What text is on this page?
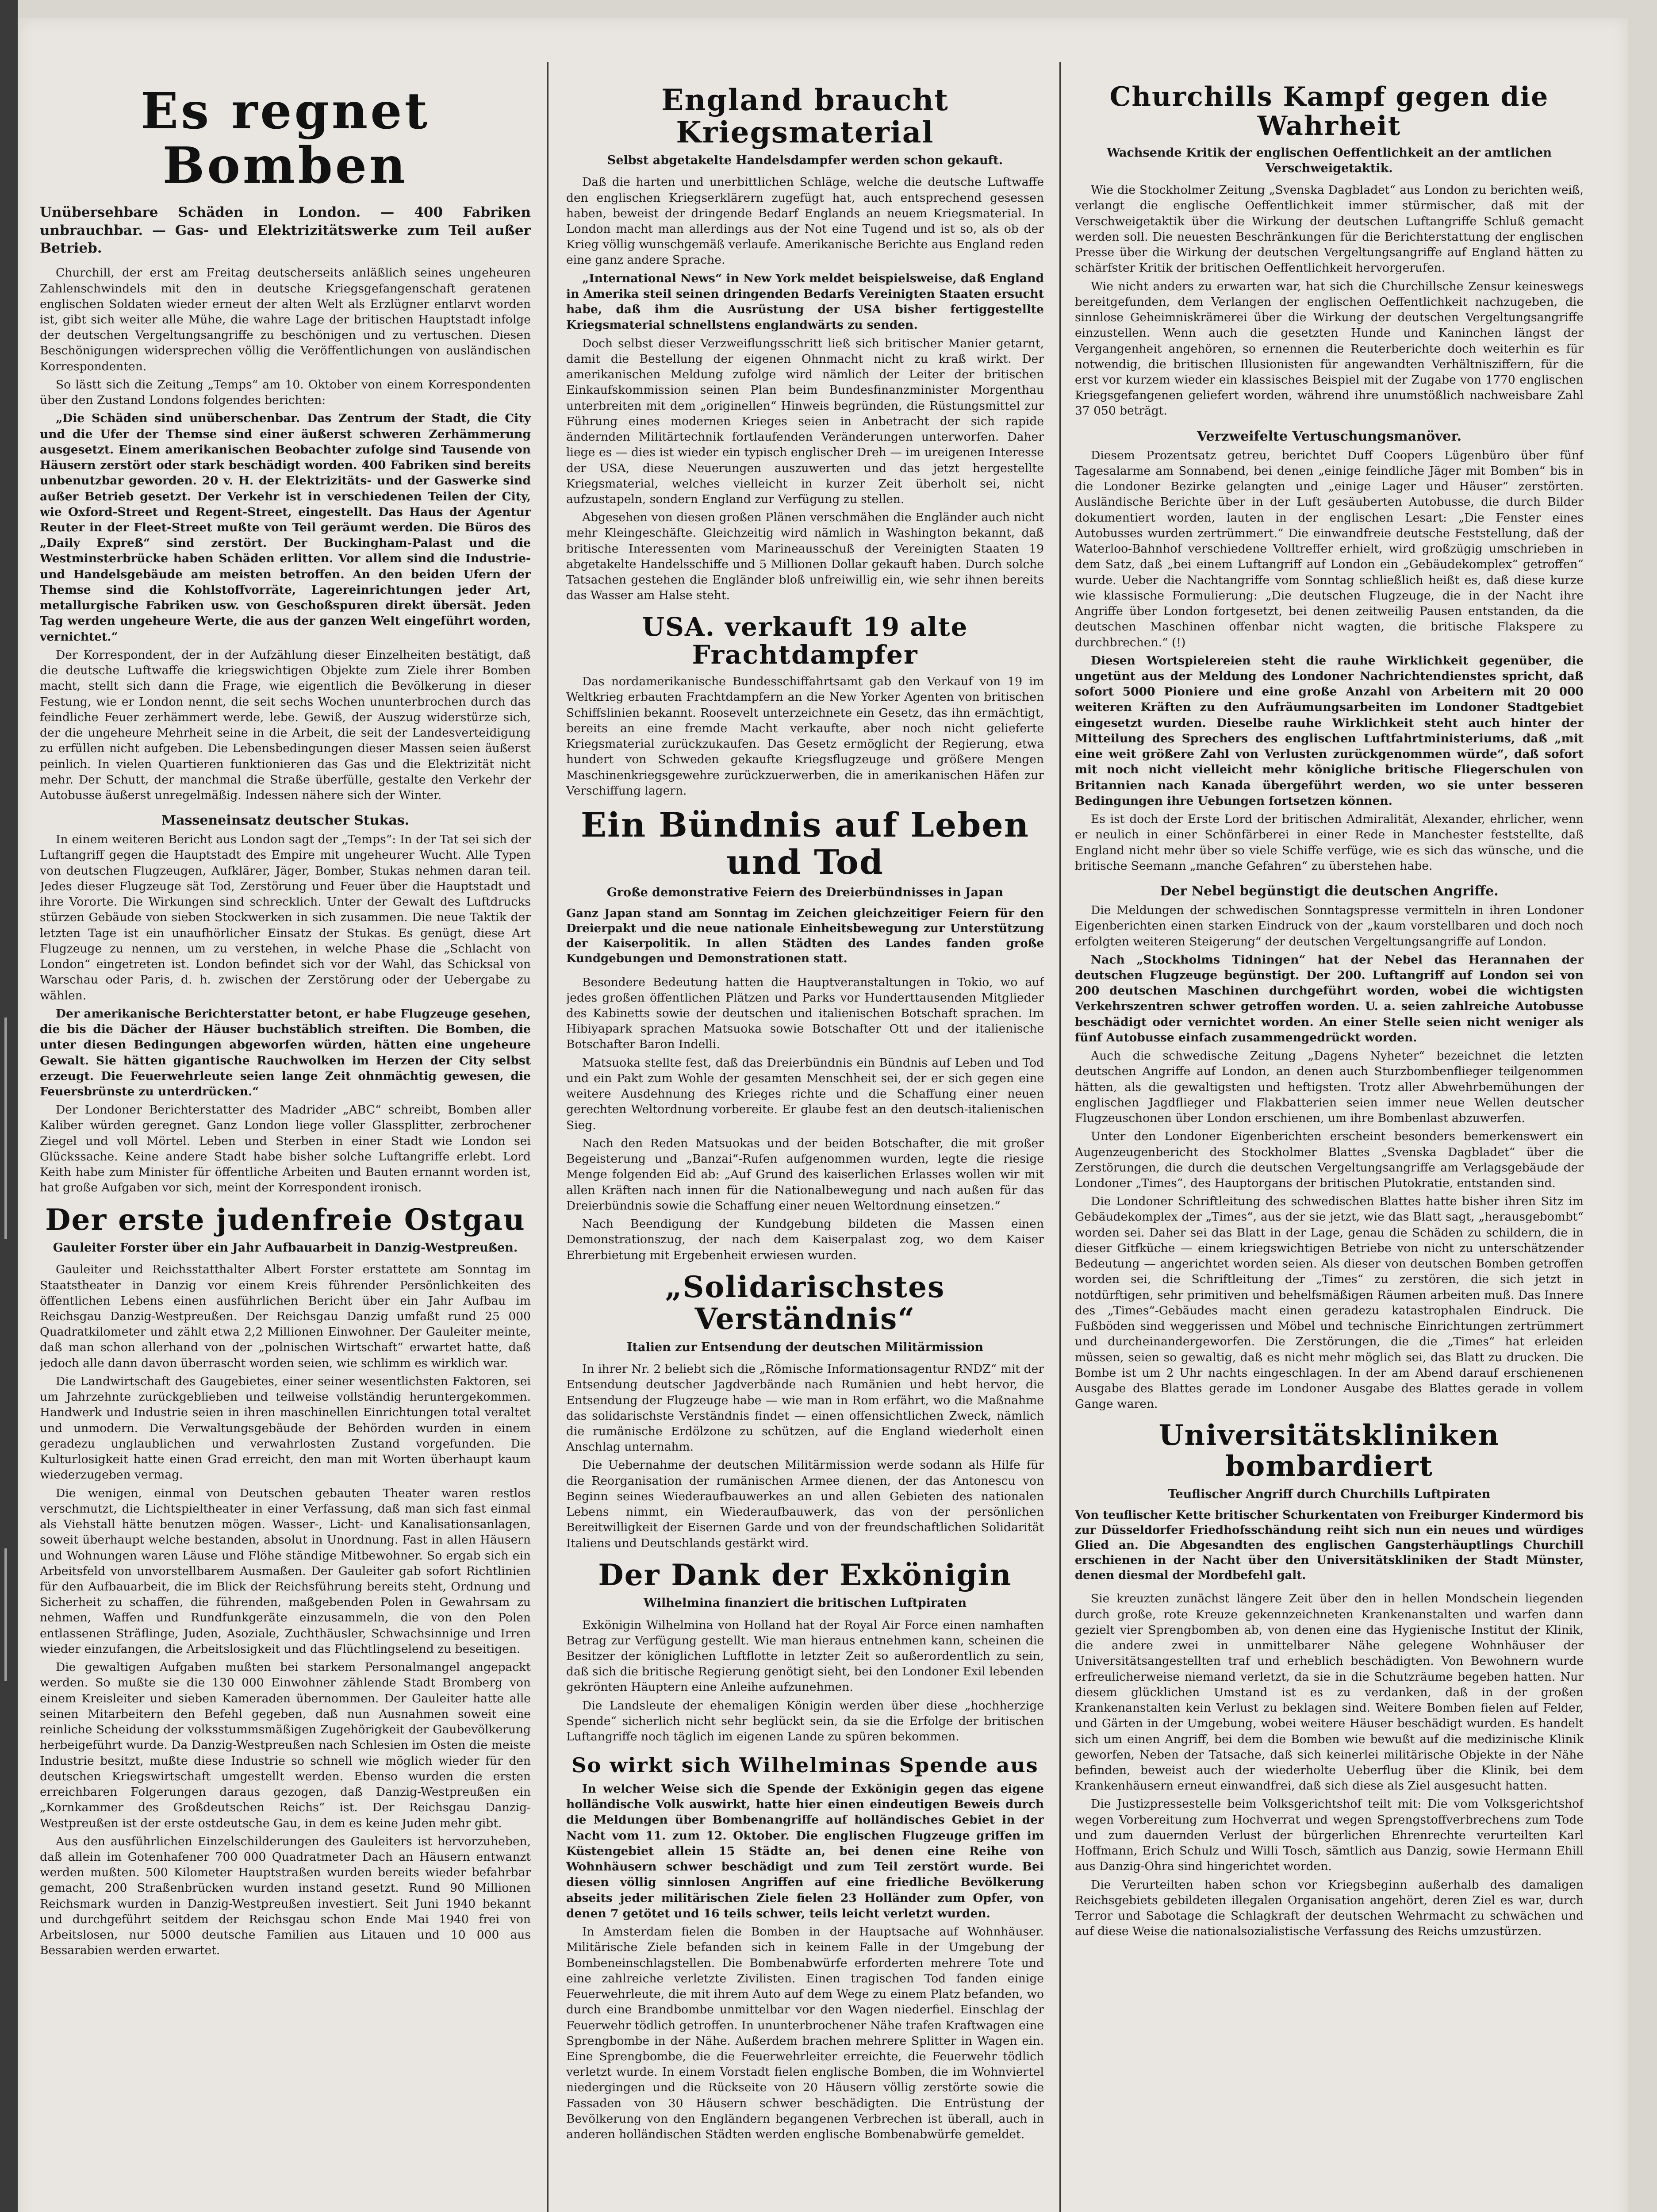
Es regnet Bomben
Unübersehbare Schäden in London. — 400 Fabriken unbrauchbar. — Gas- und Elektrizitätswerke zum Teil außer Betrieb.

Churchill, der erst am Freitag deutscherseits anläßlich seines ungeheuren Zahlenschwindels mit den in deutsche Kriegsgefangenschaft geratenen englischen Soldaten wieder erneut der alten Welt als Erzlügner entlarvt worden ist, gibt sich weiter alle Mühe, die wahre Lage der britischen Hauptstadt infolge der deutschen Vergeltungsangriffe zu beschönigen und zu vertuschen. Diesen Beschönigungen widersprechen völlig die Veröffentlichungen von ausländischen Korrespondenten.

So lästt sich die Zeitung „Temps“ am 10. Oktober von einem Korrespondenten über den Zustand Londons folgendes berichten:

„Die Schäden sind unüberschenbar. Das Zentrum der Stadt, die City und die Ufer der Themse sind einer äußerst schweren Zerhämmerung ausgesetzt. Einem amerikanischen Beobachter zufolge sind Tausende von Häusern zerstört oder stark beschädigt worden. 400 Fabriken sind bereits unbenutzbar geworden. 20 v. H. der Elektrizitäts- und der Gaswerke sind außer Betrieb gesetzt. Der Verkehr ist in verschiedenen Teilen der City, wie Oxford-Street und Regent-Street, eingestellt. Das Haus der Agentur Reuter in der Fleet-Street mußte von Teil geräumt werden. Die Büros des „Daily Expreß“ sind zerstört. Der Buckingham-Palast und die Westminsterbrücke haben Schäden erlitten. Vor allem sind die Industrie- und Handelsgebäude am meisten betroffen. An den beiden Ufern der Themse sind die Kohlstoffvorräte, Lagereinrichtungen jeder Art, metallurgische Fabriken usw. von Geschoßspuren direkt übersät. Jeden Tag werden ungeheure Werte, die aus der ganzen Welt eingeführt worden, vernichtet.“

Der Korrespondent, der in der Aufzählung dieser Einzelheiten bestätigt, daß die deutsche Luftwaffe die kriegswichtigen Objekte zum Ziele ihrer Bomben macht, stellt sich dann die Frage, wie eigentlich die Bevölkerung in dieser Festung, wie er London nennt, die seit sechs Wochen ununterbrochen durch das feindliche Feuer zerhämmert werde, lebe. Gewiß, der Auszug widerstürze sich, der die ungeheure Mehrheit seine in die Arbeit, die seit der Landesverteidigung zu erfüllen nicht aufgeben. Die Lebensbedingungen dieser Massen seien äußerst peinlich. In vielen Quartieren funktionieren das Gas und die Elektrizität nicht mehr. Der Schutt, der manchmal die Straße überfülle, gestalte den Verkehr der Autobusse äußerst unregelmäßig. Indessen nähere sich der Winter.

Masseneinsatz deutscher Stukas.

In einem weiteren Bericht aus London sagt der „Temps“: In der Tat sei sich der Luftangriff gegen die Hauptstadt des Empire mit ungeheurer Wucht. Alle Typen von deutschen Flugzeugen, Aufklärer, Jäger, Bomber, Stukas nehmen daran teil. Jedes dieser Flugzeuge sät Tod, Zerstörung und Feuer über die Hauptstadt und ihre Vororte. Die Wirkungen sind schrecklich. Unter der Gewalt des Luftdrucks stürzen Gebäude von sieben Stockwerken in sich zusammen. Die neue Taktik der letzten Tage ist ein unaufhörlicher Einsatz der Stukas. Es genügt, diese Art Flugzeuge zu nennen, um zu verstehen, in welche Phase die „Schlacht von London“ eingetreten ist. London befindet sich vor der Wahl, das Schicksal von Warschau oder Paris, d. h. zwischen der Zerstörung oder der Uebergabe zu wählen.

Der amerikanische Berichterstatter betont, er habe Flugzeuge gesehen, die bis die Dächer der Häuser buchstäblich streiften. Die Bomben, die unter diesen Bedingungen abgeworfen würden, hätten eine ungeheure Gewalt. Sie hätten gigantische Rauchwolken im Herzen der City selbst erzeugt. Die Feuerwehrleute seien lange Zeit ohnmächtig gewesen, die Feuersbrünste zu unterdrücken.“

Der Londoner Berichterstatter des Madrider „ABC“ schreibt, Bomben aller Kaliber würden geregnet. Ganz London liege voller Glassplitter, zerbrochener Ziegel und voll Mörtel. Leben und Sterben in einer Stadt wie London sei Glückssache. Keine andere Stadt habe bisher solche Luftangriffe erlebt. Lord Keith habe zum Minister für öffentliche Arbeiten und Bauten ernannt worden ist, hat große Aufgaben vor sich, meint der Korrespondent ironisch.

Der erste judenfreie Ostgau
Gauleiter Forster über ein Jahr Aufbauarbeit in Danzig-Westpreußen.

Gauleiter und Reichsstatthalter Albert Forster erstattete am Sonntag im Staatstheater in Danzig vor einem Kreis führender Persönlichkeiten des öffentlichen Lebens einen ausführlichen Bericht über ein Jahr Aufbau im Reichsgau Danzig-Westpreußen. Der Reichsgau Danzig umfaßt rund 25 000 Quadratkilometer und zählt etwa 2,2 Millionen Einwohner. Der Gauleiter meinte, daß man schon allerhand von der „polnischen Wirtschaft“ erwartet hatte, daß jedoch alle dann davon überrascht worden seien, wie schlimm es wirklich war.

Die Landwirtschaft des Gaugebietes, einer seiner wesentlichsten Faktoren, sei um Jahrzehnte zurückgeblieben und teilweise vollständig heruntergekommen. Handwerk und Industrie seien in ihren maschinellen Einrichtungen total veraltet und unmodern. Die Verwaltungsgebäude der Behörden wurden in einem geradezu unglaublichen und verwahrlosten Zustand vorgefunden. Die Kulturlosigkeit hatte einen Grad erreicht, den man mit Worten überhaupt kaum wiederzugeben vermag.

Die wenigen, einmal von Deutschen gebauten Theater waren restlos verschmutzt, die Lichtspieltheater in einer Verfassung, daß man sich fast einmal als Viehstall hätte benutzen mögen. Wasser-, Licht- und Kanalisationsanlagen, soweit überhaupt welche bestanden, absolut in Unordnung. Fast in allen Häusern und Wohnungen waren Läuse und Flöhe ständige Mitbewohner. So ergab sich ein Arbeitsfeld von unvorstellbarem Ausmaßen. Der Gauleiter gab sofort Richtlinien für den Aufbauarbeit, die im Blick der Reichsführung bereits steht, Ordnung und Sicherheit zu schaffen, die führenden, maßgebenden Polen in Gewahrsam zu nehmen, Waffen und Rundfunkgeräte einzusammeln, die von den Polen entlassenen Sträflinge, Juden, Asoziale, Zuchthäusler, Schwachsinnige und Irren wieder einzufangen, die Arbeitslosigkeit und das Flüchtlingselend zu beseitigen.

Die gewaltigen Aufgaben mußten bei starkem Personalmangel angepackt werden. So mußte sie die 130 000 Einwohner zählende Stadt Bromberg von einem Kreisleiter und sieben Kameraden übernommen. Der Gauleiter hatte alle seinen Mitarbeitern den Befehl gegeben, daß nun Ausnahmen soweit eine reinliche Scheidung der volksstummsmäßigen Zugehörigkeit der Gaubevölkerung herbeigeführt wurde. Da Danzig-Westpreußen nach Schlesien im Osten die meiste Industrie besitzt, mußte diese Industrie so schnell wie möglich wieder für den deutschen Kriegswirtschaft umgestellt werden. Ebenso wurden die ersten erreichbaren Folgerungen daraus gezogen, daß Danzig-Westpreußen ein „Kornkammer des Großdeutschen Reichs“ ist. Der Reichsgau Danzig-Westpreußen ist der erste ostdeutsche Gau, in dem es keine Juden mehr gibt.

Aus den ausführlichen Einzelschilderungen des Gauleiters ist hervorzuheben, daß allein im Gotenhafener 700 000 Quadratmeter Dach an Häusern entwanzt werden mußten. 500 Kilometer Hauptstraßen wurden bereits wieder befahrbar gemacht, 200 Straßenbrücken wurden instand gesetzt. Rund 90 Millionen Reichsmark wurden in Danzig-Westpreußen investiert. Seit Juni 1940 bekannt und durchgeführt seitdem der Reichsgau schon Ende Mai 1940 frei von Arbeitslosen, nur 5000 deutsche Familien aus Litauen und 10 000 aus Bessarabien werden erwartet.

England braucht Kriegsmaterial
Selbst abgetakelte Handelsdampfer werden schon gekauft.

Daß die harten und unerbittlichen Schläge, welche die deutsche Luftwaffe den englischen Kriegserklärern zugefügt hat, auch entsprechend gesessen haben, beweist der dringende Bedarf Englands an neuem Kriegsmaterial. In London macht man allerdings aus der Not eine Tugend und ist so, als ob der Krieg völlig wunschgemäß verlaufe. Amerikanische Berichte aus England reden eine ganz andere Sprache.

„International News“ in New York meldet beispielsweise, daß England in Amerika steil seinen dringenden Bedarfs Vereinigten Staaten ersucht habe, daß ihm die Ausrüstung der USA bisher fertiggestellte Kriegsmaterial schnellstens englandwärts zu senden.

Doch selbst dieser Verzweiflungsschritt ließ sich britischer Manier getarnt, damit die Bestellung der eigenen Ohnmacht nicht zu kraß wirkt. Der amerikanischen Meldung zufolge wird nämlich der Leiter der britischen Einkaufskommission seinen Plan beim Bundesfinanzminister Morgenthau unterbreiten mit dem „originellen“ Hinweis begründen, die Rüstungsmittel zur Führung eines modernen Krieges seien in Anbetracht der sich rapide ändernden Militärtechnik fortlaufenden Veränderungen unterworfen. Daher liege es — dies ist wieder ein typisch englischer Dreh — im ureigenen Interesse der USA, diese Neuerungen auszuwerten und das jetzt hergestellte Kriegsmaterial, welches vielleicht in kurzer Zeit überholt sei, nicht aufzustapeln, sondern England zur Verfügung zu stellen.

Abgesehen von diesen großen Plänen verschmähen die Engländer auch nicht mehr Kleingeschäfte. Gleichzeitig wird nämlich in Washington bekannt, daß britische Interessenten vom Marineausschuß der Vereinigten Staaten 19 abgetakelte Handelsschiffe und 5 Millionen Dollar gekauft haben. Durch solche Tatsachen gestehen die Engländer bloß unfreiwillig ein, wie sehr ihnen bereits das Wasser am Halse steht.

USA. verkauft 19 alte Frachtdampfer

Das nordamerikanische Bundesschiffahrtsamt gab den Verkauf von 19 im Weltkrieg erbauten Frachtdampfern an die New Yorker Agenten von britischen Schiffslinien bekannt. Roosevelt unterzeichnete ein Gesetz, das ihn ermächtigt, bereits an eine fremde Macht verkaufte, aber noch nicht gelieferte Kriegsmaterial zurückzukaufen. Das Gesetz ermöglicht der Regierung, etwa hundert von Schweden gekaufte Kriegsflugzeuge und größere Mengen Maschinenkriegsgewehre zurückzuerwerben, die in amerikanischen Häfen zur Verschiffung lagern.

Ein Bündnis auf Leben und Tod
Große demonstrative Feiern des Dreierbündnisses in Japan
Ganz Japan stand am Sonntag im Zeichen gleichzeitiger Feiern für den Dreierpakt und die neue nationale Einheitsbewegung zur Unterstützung der Kaiserpolitik. In allen Städten des Landes fanden große Kundgebungen und Demonstrationen statt.

Besondere Bedeutung hatten die Hauptveranstaltungen in Tokio, wo auf jedes großen öffentlichen Plätzen und Parks vor Hunderttausenden Mitglieder des Kabinetts sowie der deutschen und italienischen Botschaft sprachen. Im Hibiyapark sprachen Matsuoka sowie Botschafter Ott und der italienische Botschafter Baron Indelli.

Matsuoka stellte fest, daß das Dreierbündnis ein Bündnis auf Leben und Tod und ein Pakt zum Wohle der gesamten Menschheit sei, der er sich gegen eine weitere Ausdehnung des Krieges richte und die Schaffung einer neuen gerechten Weltordnung vorbereite. Er glaube fest an den deutsch-italienischen Sieg.

Nach den Reden Matsuokas und der beiden Botschafter, die mit großer Begeisterung und „Banzai“-Rufen aufgenommen wurden, legte die riesige Menge folgenden Eid ab: „Auf Grund des kaiserlichen Erlasses wollen wir mit allen Kräften nach innen für die Nationalbewegung und nach außen für das Dreierbündnis sowie die Schaffung einer neuen Weltordnung einsetzen.“

Nach Beendigung der Kundgebung bildeten die Massen einen Demonstrationszug, der nach dem Kaiserpalast zog, wo dem Kaiser Ehrerbietung mit Ergebenheit erwiesen wurden.

„Solidarischstes Verständnis“
Italien zur Entsendung der deutschen Militärmission

In ihrer Nr. 2 beliebt sich die „Römische Informationsagentur RNDZ“ mit der Entsendung deutscher Jagdverbände nach Rumänien und hebt hervor, die Entsendung der Flugzeuge habe — wie man in Rom erfährt, wo die Maßnahme das solidarischste Verständnis findet — einen offensichtlichen Zweck, nämlich die rumänische Erdölzone zu schützen, auf die England wiederholt einen Anschlag unternahm.

Die Uebernahme der deutschen Militärmission werde sodann als Hilfe für die Reorganisation der rumänischen Armee dienen, der das Antonescu von Beginn seines Wiederaufbauwerkes an und allen Gebieten des nationalen Lebens nimmt, ein Wiederaufbauwerk, das von der persönlichen Bereitwilligkeit der Eisernen Garde und von der freundschaftlichen Solidarität Italiens und Deutschlands gestärkt wird.

Der Dank der Exkönigin
Wilhelmina finanziert die britischen Luftpiraten

Exkönigin Wilhelmina von Holland hat der Royal Air Force einen namhaften Betrag zur Verfügung gestellt. Wie man hieraus entnehmen kann, scheinen die Besitzer der königlichen Luftflotte in letzter Zeit so außerordentlich zu sein, daß sich die britische Regierung genötigt sieht, bei den Londoner Exil lebenden gekrönten Häuptern eine Anleihe aufzunehmen.

Die Landsleute der ehemaligen Königin werden über diese „hochherzige Spende“ sicherlich nicht sehr beglückt sein, da sie die Erfolge der britischen Luftangriffe noch täglich im eigenen Lande zu spüren bekommen.

So wirkt sich Wilhelminas Spende aus

In welcher Weise sich die Spende der Exkönigin gegen das eigene holländische Volk auswirkt, hatte hier einen eindeutigen Beweis durch die Meldungen über Bombenangriffe auf holländisches Gebiet in der Nacht vom 11. zum 12. Oktober. Die englischen Flugzeuge griffen im Küstengebiet allein 15 Städte an, bei denen eine Reihe von Wohnhäusern schwer beschädigt und zum Teil zerstört wurde. Bei diesen völlig sinnlosen Angriffen auf eine friedliche Bevölkerung abseits jeder militärischen Ziele fielen 23 Holländer zum Opfer, von denen 7 getötet und 16 teils schwer, teils leicht verletzt wurden.

In Amsterdam fielen die Bomben in der Hauptsache auf Wohnhäuser. Militärische Ziele befanden sich in keinem Falle in der Umgebung der Bombeneinschlagstellen. Die Bombenabwürfe erforderten mehrere Tote und eine zahlreiche verletzte Zivilisten. Einen tragischen Tod fanden einige Feuerwehrleute, die mit ihrem Auto auf dem Wege zu einem Platz befanden, wo durch eine Brandbombe unmittelbar vor den Wagen niederfiel. Einschlag der Feuerwehr tödlich getroffen. In ununterbrochener Nähe trafen Kraftwagen eine Sprengbombe in der Nähe. Außerdem brachen mehrere Splitter in Wagen ein. Eine Sprengbombe, die die Feuerwehrleiter erreichte, die Feuerwehr tödlich verletzt wurde. In einem Vorstadt fielen englische Bomben, die im Wohnviertel niedergingen und die Rückseite von 20 Häusern völlig zerstörte sowie die Fassaden von 30 Häusern schwer beschädigten. Die Entrüstung der Bevölkerung von den Engländern begangenen Verbrechen ist überall, auch in anderen holländischen Städten werden englische Bombenabwürfe gemeldet.

Churchills Kampf gegen die Wahrheit
Wachsende Kritik der englischen Oeffentlichkeit an der amtlichen Verschweigetaktik.

Wie die Stockholmer Zeitung „Svenska Dagbladet“ aus London zu berichten weiß, verlangt die englische Oeffentlichkeit immer stürmischer, daß mit der Verschweigetaktik über die Wirkung der deutschen Luftangriffe Schluß gemacht werden soll. Die neuesten Beschränkungen für die Berichterstattung der englischen Presse über die Wirkung der deutschen Vergeltungsangriffe auf England hätten zu schärfster Kritik der britischen Oeffentlichkeit hervorgerufen.

Wie nicht anders zu erwarten war, hat sich die Churchillsche Zensur keineswegs bereitgefunden, dem Verlangen der englischen Oeffentlichkeit nachzugeben, die sinnlose Geheimniskrämerei über die Wirkung der deutschen Vergeltungsangriffe einzustellen. Wenn auch die gesetzten Hunde und Kaninchen längst der Vergangenheit angehören, so ernennen die Reuterberichte doch weiterhin es für notwendig, die britischen Illusionisten für angewandten Verhältnisziffern, für die erst vor kurzem wieder ein klassisches Beispiel mit der Zugabe von 1770 englischen Kriegsgefangenen geliefert worden, während ihre unumstößlich nachweisbare Zahl 37 050 beträgt.

Verzweifelte Vertuschungsmanöver.

Diesem Prozentsatz getreu, berichtet Duff Coopers Lügenbüro über fünf Tagesalarme am Sonnabend, bei denen „einige feindliche Jäger mit Bomben“ bis in die Londoner Bezirke gelangten und „einige Lager und Häuser“ zerstörten. Ausländische Berichte über in der Luft gesäuberten Autobusse, die durch Bilder dokumentiert worden, lauten in der englischen Lesart: „Die Fenster eines Autobusses wurden zertrümmert.“ Die einwandfreie deutsche Feststellung, daß der Waterloo-Bahnhof verschiedene Volltreffer erhielt, wird großzügig umschrieben in dem Satz, daß „bei einem Luftangriff auf London ein „Gebäudekomplex“ getroffen“ wurde. Ueber die Nachtangriffe vom Sonntag schließlich heißt es, daß diese kurze wie klassische Formulierung: „Die deutschen Flugzeuge, die in der Nacht ihre Angriffe über London fortgesetzt, bei denen zeitweilig Pausen entstanden, da die deutschen Maschinen offenbar nicht wagten, die britische Flakspere zu durchbrechen.“ (!)

Diesen Wortspielereien steht die rauhe Wirklichkeit gegenüber, die ungetünt aus der Meldung des Londoner Nachrichtendienstes spricht, daß sofort 5000 Pioniere und eine große Anzahl von Arbeitern mit 20 000 weiteren Kräften zu den Aufräumungsarbeiten im Londoner Stadtgebiet eingesetzt wurden. Dieselbe rauhe Wirklichkeit steht auch hinter der Mitteilung des Sprechers des englischen Luftfahrtministeriums, daß „mit eine weit größere Zahl von Verlusten zurückgenommen würde“, daß sofort mit noch nicht vielleicht mehr königliche britische Fliegerschulen von Britannien nach Kanada übergeführt werden, wo sie unter besseren Bedingungen ihre Uebungen fortsetzen können.

Es ist doch der Erste Lord der britischen Admiralität, Alexander, ehrlicher, wenn er neulich in einer Schönfärberei in einer Rede in Manchester feststellte, daß England nicht mehr über so viele Schiffe verfüge, wie es sich das wünsche, und die britische Seemann „manche Gefahren“ zu überstehen habe.

Der Nebel begünstigt die deutschen Angriffe.

Die Meldungen der schwedischen Sonntagspresse vermitteln in ihren Londoner Eigenberichten einen starken Eindruck von der „kaum vorstellbaren und doch noch erfolgten weiteren Steigerung“ der deutschen Vergeltungsangriffe auf London.

Nach „Stockholms Tidningen“ hat der Nebel das Herannahen der deutschen Flugzeuge begünstigt. Der 200. Luftangriff auf London sei von 200 deutschen Maschinen durchgeführt worden, wobei die wichtigsten Verkehrszentren schwer getroffen worden. U. a. seien zahlreiche Autobusse beschädigt oder vernichtet worden. An einer Stelle seien nicht weniger als fünf Autobusse einfach zusammengedrückt worden.

Auch die schwedische Zeitung „Dagens Nyheter“ bezeichnet die letzten deutschen Angriffe auf London, an denen auch Sturzbombenflieger teilgenommen hätten, als die gewaltigsten und heftigsten. Trotz aller Abwehrbemühungen der englischen Jagdflieger und Flakbatterien seien immer neue Wellen deutscher Flugzeuschonen über London erschienen, um ihre Bombenlast abzuwerfen.

Unter den Londoner Eigenberichten erscheint besonders bemerkenswert ein Augenzeugenbericht des Stockholmer Blattes „Svenska Dagbladet“ über die Zerstörungen, die durch die deutschen Vergeltungsangriffe am Verlagsgebäude der Londoner „Times“, des Hauptorgans der britischen Plutokratie, entstanden sind.

Die Londoner Schriftleitung des schwedischen Blattes hatte bisher ihren Sitz im Gebäudekomplex der „Times“, aus der sie jetzt, wie das Blatt sagt, „herausgebombt“ worden sei. Daher sei das Blatt in der Lage, genau die Schäden zu schildern, die in dieser Gitfküche — einem kriegswichtigen Betriebe von nicht zu unterschätzender Bedeutung — angerichtet worden seien. Als dieser von deutschen Bomben getroffen worden sei, die Schriftleitung der „Times“ zu zerstören, die sich jetzt in notdürftigen, sehr primitiven und behelfsmäßigen Räumen arbeiten muß. Das Innere des „Times“-Gebäudes macht einen geradezu katastrophalen Eindruck. Die Fußböden sind weggerissen und Möbel und technische Einrichtungen zertrümmert und durcheinandergeworfen. Die Zerstörungen, die die „Times“ hat erleiden müssen, seien so gewaltig, daß es nicht mehr möglich sei, das Blatt zu drucken. Die Bombe ist um 2 Uhr nachts eingeschlagen. In der am Abend darauf erschienenen Ausgabe des Blattes gerade im Londoner Ausgabe des Blattes gerade in vollem Gange waren.

Universitätskliniken bombardiert
Teuflischer Angriff durch Churchills Luftpiraten
Von teuflischer Kette britischer Schurkentaten von Freiburger Kindermord bis zur Düsseldorfer Friedhofsschändung reiht sich nun ein neues und würdiges Glied an. Die Abgesandten des englischen Gangsterhäuptlings Churchill erschienen in der Nacht über den Universitätskliniken der Stadt Münster, denen diesmal der Mordbefehl galt.

Sie kreuzten zunächst längere Zeit über den in hellen Mondschein liegenden durch große, rote Kreuze gekennzeichneten Krankenanstalten und warfen dann gezielt vier Sprengbomben ab, von denen eine das Hygienische Institut der Klinik, die andere zwei in unmittelbarer Nähe gelegene Wohnhäuser der Universitätsangestellten traf und erheblich beschädigten. Von Bewohnern wurde erfreulicherweise niemand verletzt, da sie in die Schutzräume begeben hatten. Nur diesem glücklichen Umstand ist es zu verdanken, daß in der großen Krankenanstalten kein Verlust zu beklagen sind. Weitere Bomben fielen auf Felder, und Gärten in der Umgebung, wobei weitere Häuser beschädigt wurden. Es handelt sich um einen Angriff, bei dem die Bomben wie bewußt auf die medizinische Klinik geworfen, Neben der Tatsache, daß sich keinerlei militärische Objekte in der Nähe befinden, beweist auch der wiederholte Ueberflug über die Klinik, bei dem Krankenhäusern erneut einwandfrei, daß sich diese als Ziel ausgesucht hatten.

Die Justizpressestelle beim Volksgerichtshof teilt mit: Die vom Volksgerichtshof wegen Vorbereitung zum Hochverrat und wegen Sprengstoffverbrechens zum Tode und zum dauernden Verlust der bürgerlichen Ehrenrechte verurteilten Karl Hoffmann, Erich Schulz und Willi Tosch, sämtlich aus Danzig, sowie Hermann Ehill aus Danzig-Ohra sind hingerichtet worden.

Die Verurteilten haben schon vor Kriegsbeginn außerhalb des damaligen Reichsgebiets gebildeten illegalen Organisation angehört, deren Ziel es war, durch Terror und Sabotage die Schlagkraft der deutschen Wehrmacht zu schwächen und auf diese Weise die nationalsozialistische Verfassung des Reichs umzustürzen.
